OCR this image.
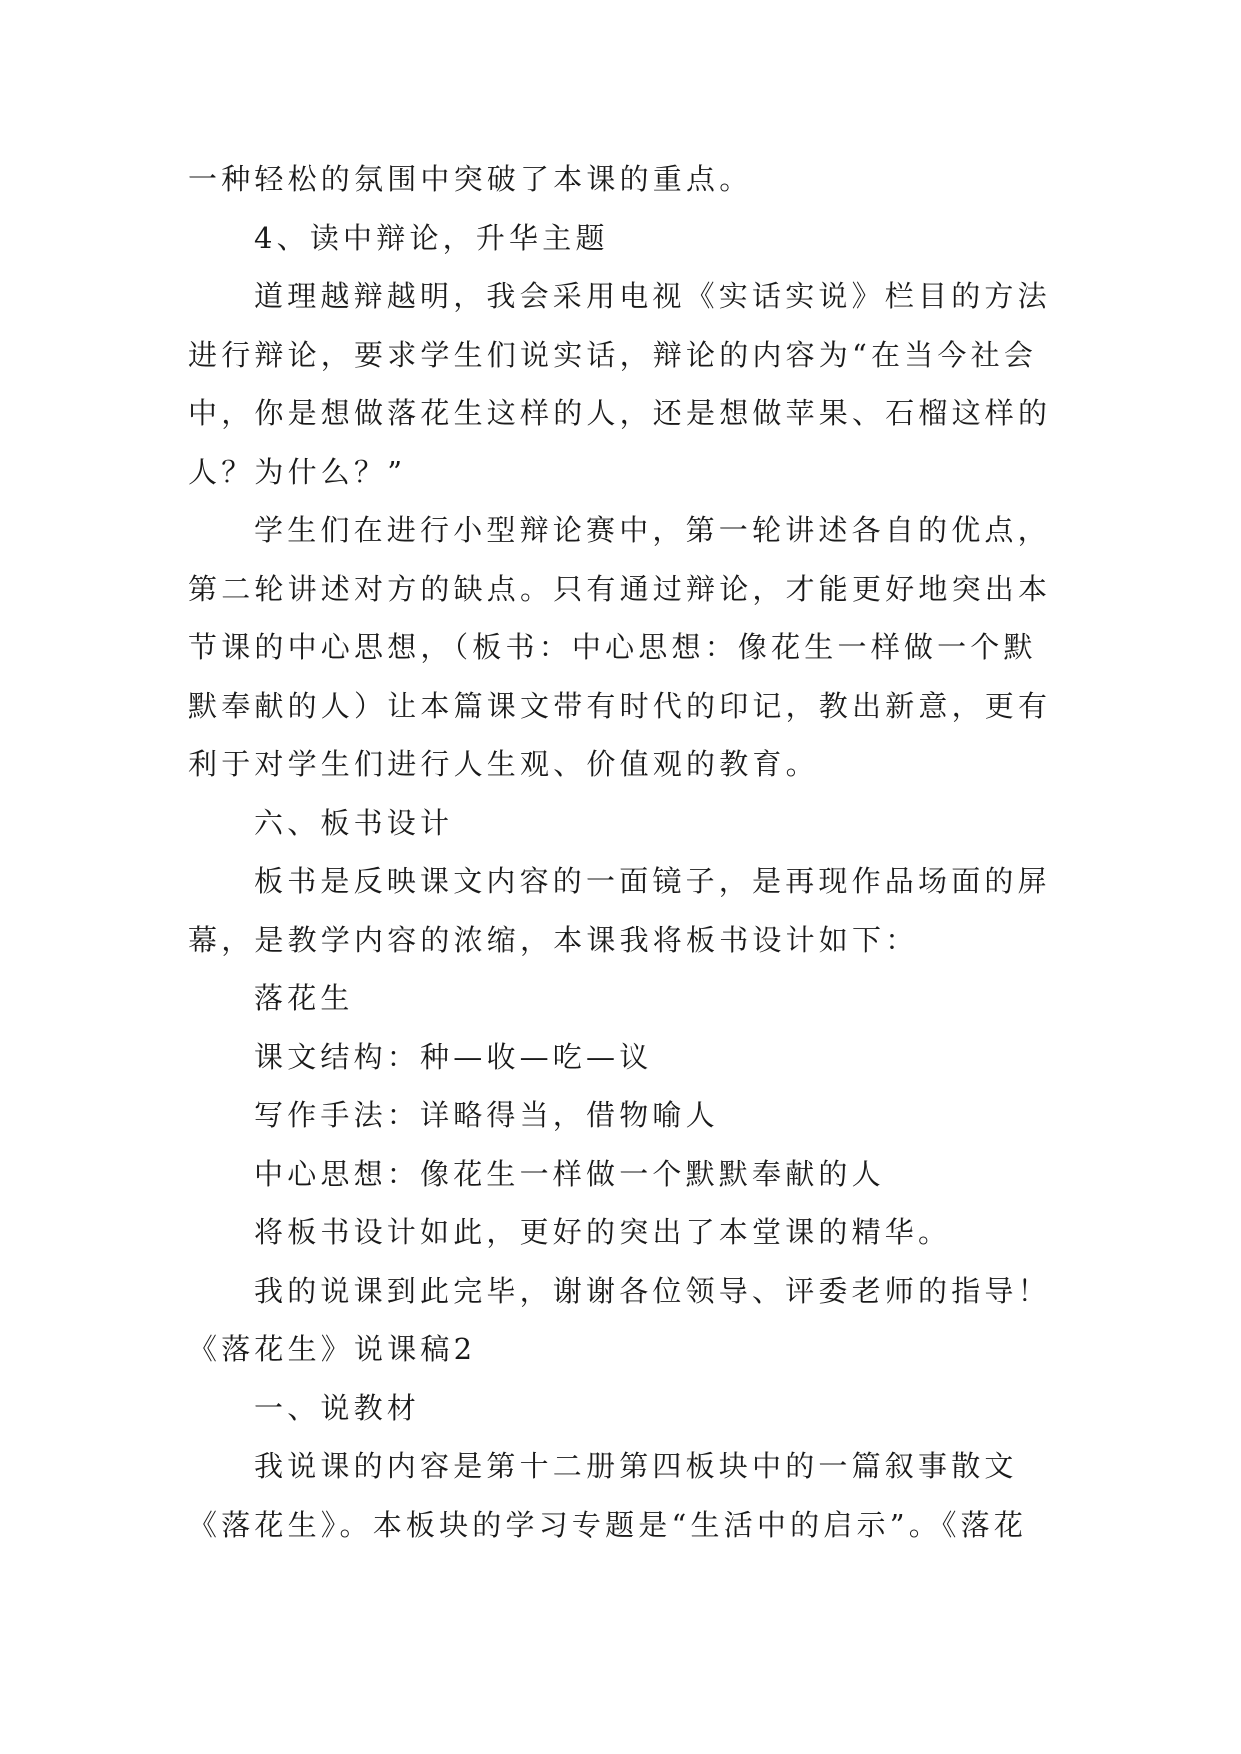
一种轻松的氛围中突破了本课的重点。
4、读中辩论，升华主题
道理越辩越明，我会采用电视《实话实说》栏目的方法
进行辩论，要求学生们说实话，辩论的内容为“在当今社会
中，你是想做落花生这样的人，还是想做苹果、石榴这样的
人？为什么？”
学生们在进行小型辩论赛中，第一轮讲述各自的优点，
第二轮讲述对方的缺点。只有通过辩论，才能更好地突出本
节课的中心思想，（板书：中心思想：像花生一样做一个默
默奉献的人）让本篇课文带有时代的印记，教出新意，更有
利于对学生们进行人生观、价值观的教育。
六、板书设计
板书是反映课文内容的一面镜子，是再现作品场面的屏
幕，是教学内容的浓缩，本课我将板书设计如下：
落花生
课文结构：种—收—吃—议
写作手法：详略得当，借物喻人
中心思想：像花生一样做一个默默奉献的人
将板书设计如此，更好的突出了本堂课的精华。
我的说课到此完毕，谢谢各位领导、评委老师的指导！
《落花生》说课稿2
一、说教材
我说课的内容是第十二册第四板块中的一篇叙事散文
《落花生》。本板块的学习专题是“生活中的启示”。《落花
